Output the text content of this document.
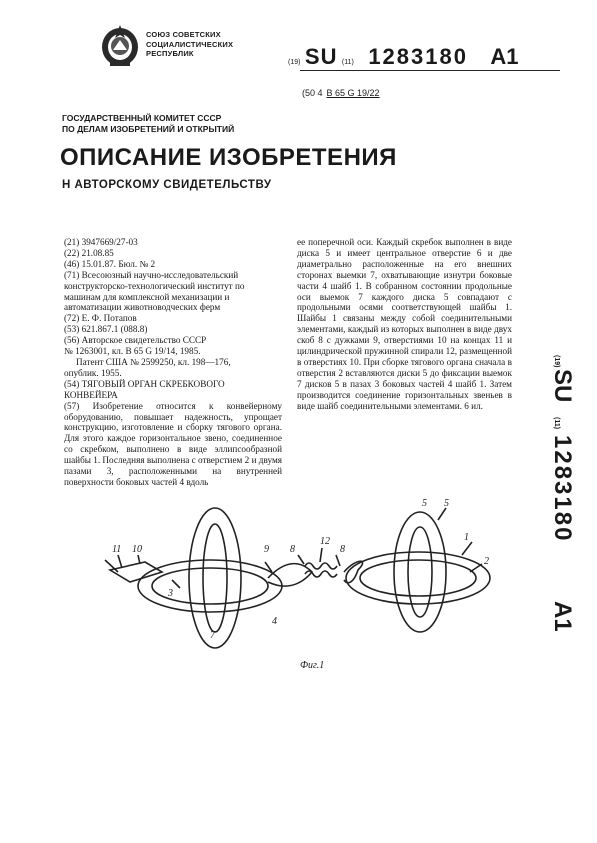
СОЮЗ СОВЕТСКИХ
СОЦИАЛИСТИЧЕСКИХ
РЕСПУБЛИК
(19) SU (11) 1283180 A1
(50 4 B 65 G 19/22
ГОСУДАРСТВЕННЫЙ КОМИТЕТ СССР
ПО ДЕЛАМ ИЗОБРЕТЕНИЙ И ОТКРЫТИЙ
ОПИСАНИЕ ИЗОБРЕТЕНИЯ
Н АВТОРСКОМУ СВИДЕТЕЛЬСТВУ
(21) 3947669/27-03
(22) 21.08.85
(46) 15.01.87. Бюл. № 2
(71) Всесоюзный научно-исследовательский
конструкторско-технологический институт по
машинам для комплексной механизации и
автоматизации животноводческих ферм
(72) Е. Ф. Потапов
(53) 621.867.1 (088.8)
(56) Авторское свидетельство СССР
№ 1263001, кл. B 65 G 19/14, 1985.
Патент США № 2599250, кл. 198—176,
опублик. 1955.
(54) ТЯГОВЫЙ ОРГАН СКРЕБКОВОГО
КОНВЕЙЕРА
(57) Изобретение относится к конвейерному оборудованию, повышает надежность, упрощает конструкцию, изготовление и сборку тягового органа. Для этого каждое горизонтальное звено, соединенное со скребком, выполнено в виде эллипсообразной шайбы 1. Последняя выполнена с отверстием 2 и двумя пазами 3, расположенными на внутренней поверхности боковых частей 4 вдоль
ее поперечной оси. Каждый скребок выполнен в виде диска 5 и имеет центральное отверстие 6 и две диаметрально расположенные на его внешних сторонах выемки 7, охватывающие изнутри боковые части 4 шайб 1. В собранном состоянии продольные оси выемок 7 каждого диска 5 совпадают с продольными осями соответствующей шайбы 1. Шайбы 1 связаны между собой соединительными элементами, каждый из которых выполнен в виде двух скоб 8 с дужками 9, отверстиями 10 на концах 11 и цилиндрической пружинной спирали 12, размещенной в отверстиях 10. При сборке тягового органа сначала в отверстия 2 вставляются диски 5 до фиксации выемок 7 дисков 5 в пазах 3 боковых частей 4 шайб 1. Затем производится соединение горизонтальных звеньев в виде шайб соединительными элементами. 6 ил.
(19)
SU
(11)
1283180
A1
11 10
3
7
4
9 8
12
8
5 5
1
2
Фиг.1
